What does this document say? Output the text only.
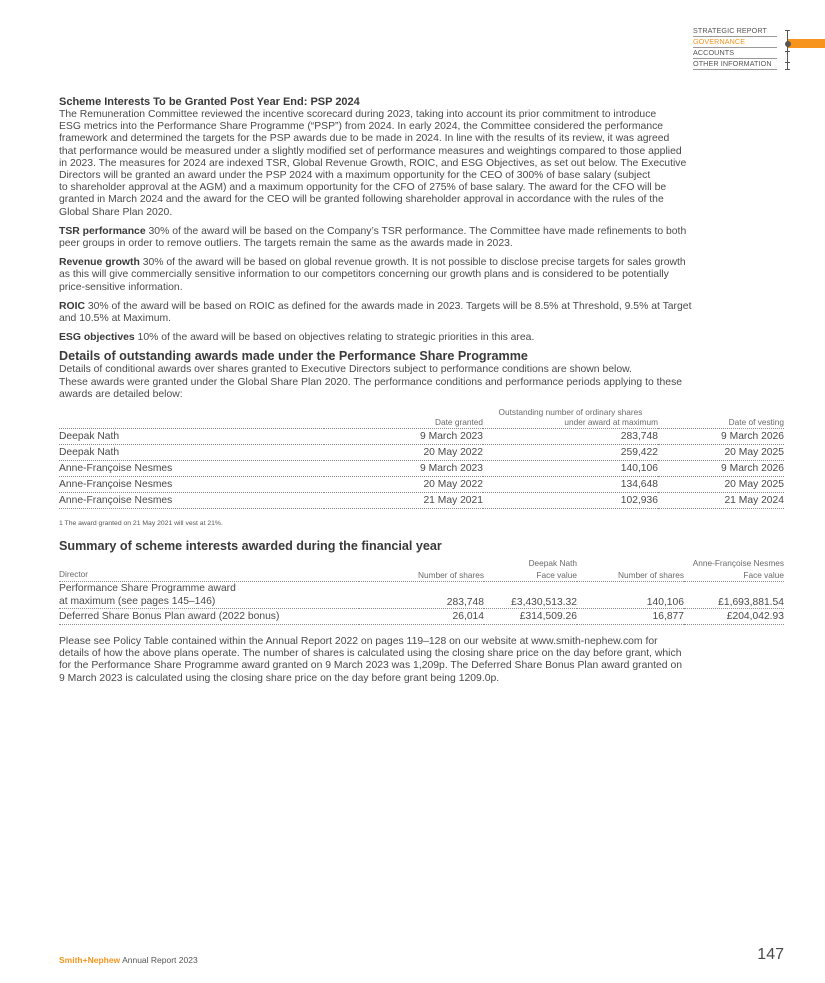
STRATEGIC REPORT
GOVERNANCE
ACCOUNTS
OTHER INFORMATION
Scheme Interests To be Granted Post Year End: PSP 2024
The Remuneration Committee reviewed the incentive scorecard during 2023, taking into account its prior commitment to introduce
ESG metrics into the Performance Share Programme (“PSP”) from 2024. In early 2024, the Committee considered the performance
framework and determined the targets for the PSP awards due to be made in 2024. In line with the results of its review, it was agreed
that performance would be measured under a slightly modified set of performance measures and weightings compared to those applied
in 2023. The measures for 2024 are indexed TSR, Global Revenue Growth, ROIC, and ESG Objectives, as set out below. The Executive
Directors will be granted an award under the PSP 2024 with a maximum opportunity for the CEO of 300% of base salary (subject
to shareholder approval at the AGM) and a maximum opportunity for the CFO of 275% of base salary. The award for the CFO will be
granted in March 2024 and the award for the CEO will be granted following shareholder approval in accordance with the rules of the
Global Share Plan 2020.
TSR performance 30% of the award will be based on the Company’s TSR performance. The Committee have made refinements to both
peer groups in order to remove outliers. The targets remain the same as the awards made in 2023.
Revenue growth 30% of the award will be based on global revenue growth. It is not possible to disclose precise targets for sales growth
as this will give commercially sensitive information to our competitors concerning our growth plans and is considered to be potentially
price-sensitive information.
ROIC 30% of the award will be based on ROIC as defined for the awards made in 2023. Targets will be 8.5% at Threshold, 9.5% at Target
and 10.5% at Maximum.
ESG objectives 10% of the award will be based on objectives relating to strategic priorities in this area.
Details of outstanding awards made under the Performance Share Programme
Details of conditional awards over shares granted to Executive Directors subject to performance conditions are shown below.
These awards were granted under the Global Share Plan 2020. The performance conditions and performance periods applying to these
awards are detailed below:
		Outstanding number of ordinary shares	
	Date granted	under award at maximum	Date of vesting
Deepak Nath	9 March 2023	283,748	9 March 2026
Deepak Nath	20 May 2022	259,422	20 May 2025
Anne-Françoise Nesmes	9 March 2023	140,106	9 March 2026
Anne-Françoise Nesmes	20 May 2022	134,648	20 May 2025
Anne-Françoise Nesmes	21 May 2021	102,936	21 May 2024
1 The award granted on 21 May 2021 will vest at 21%.
Summary of scheme interests awarded during the financial year
		Deepak Nath		Anne-Françoise Nesmes
Director	Number of shares	Face value	Number of shares	Face value

Performance Share Programme award
at maximum (see pages 145–146)	283,748	£3,430,513.32	140,106	£1,693,881.54
Deferred Share Bonus Plan award (2022 bonus)	26,014	£314,509.26	16,877	£204,042.93
Please see Policy Table contained within the Annual Report 2022 on pages 119–128 on our website at www.smith-nephew.com for
details of how the above plans operate. The number of shares is calculated using the closing share price on the day before grant, which
for the Performance Share Programme award granted on 9 March 2023 was 1,209p. The Deferred Share Bonus Plan award granted on
9 March 2023 is calculated using the closing share price on the day before grant being 1209.0p.
Smith+Nephew Annual Report 2023	147
